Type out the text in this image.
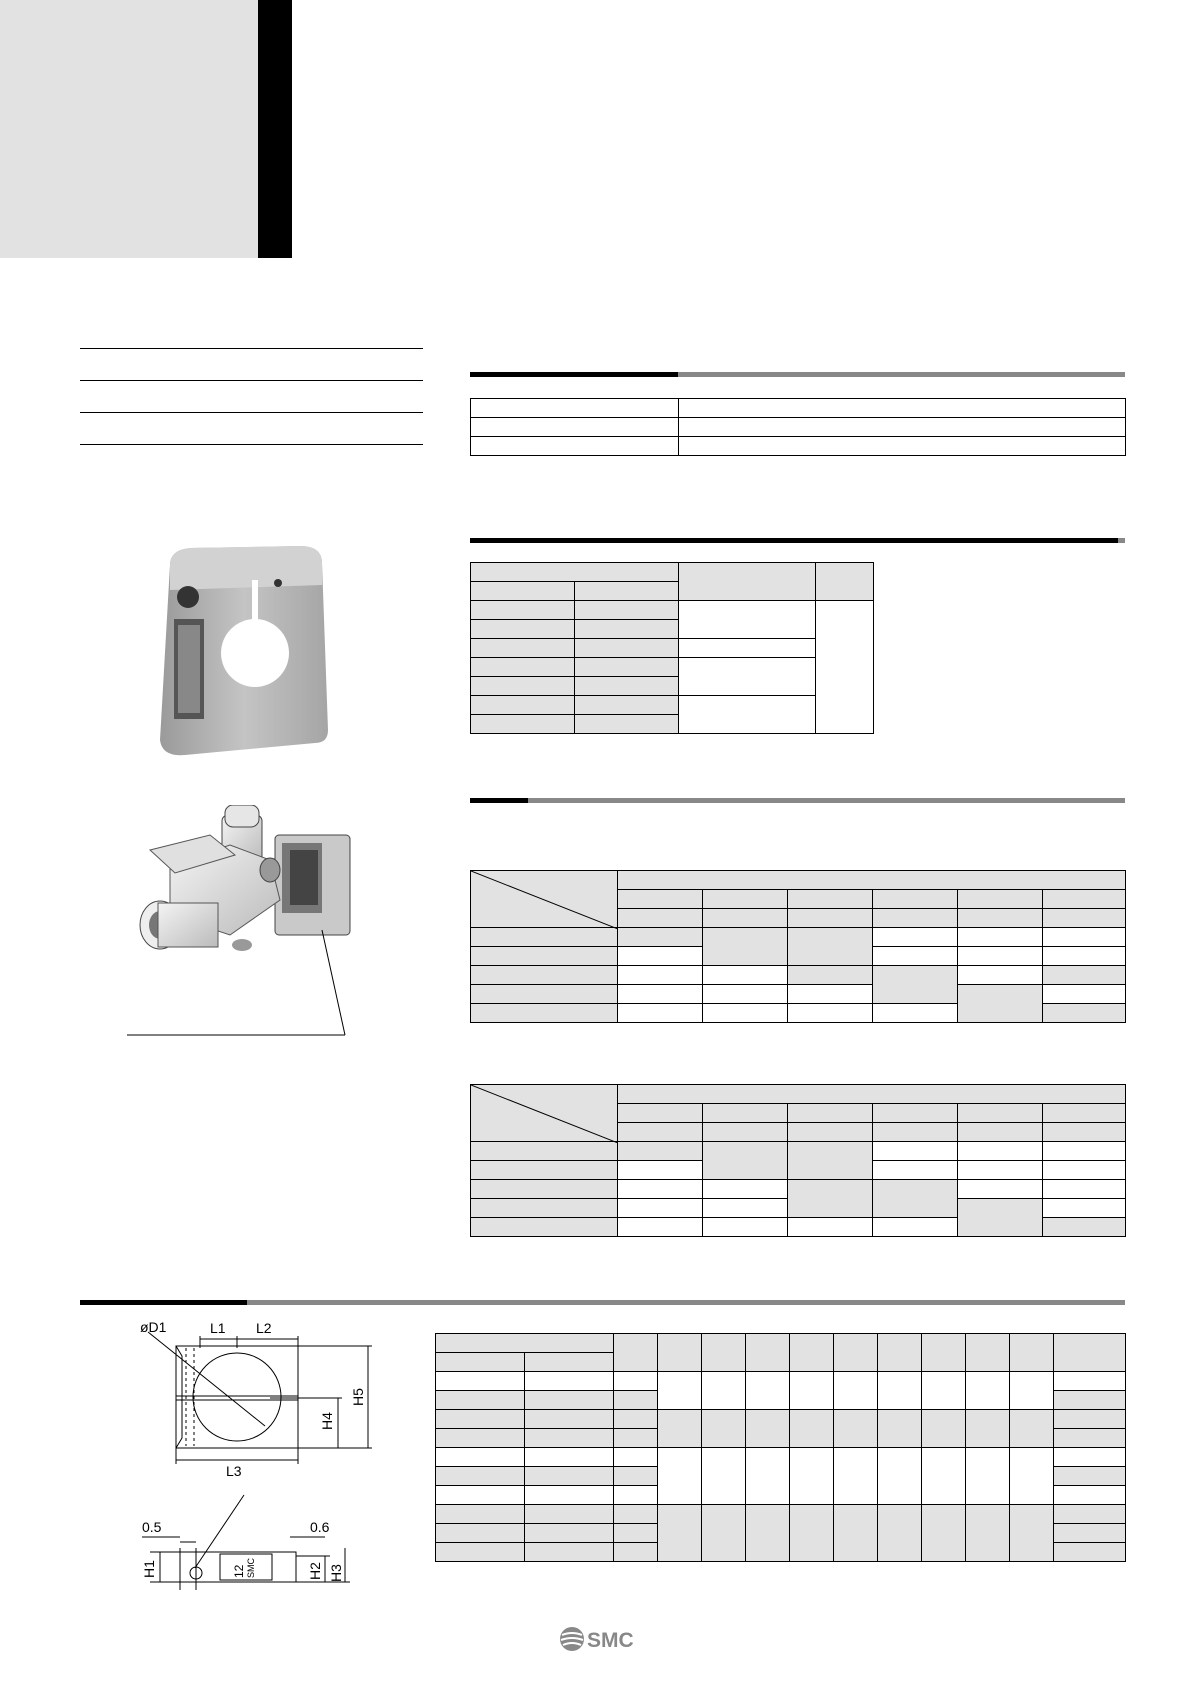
øD1	L1 L2
L3
H4
H5
0.5	0.6
H1	H2 H3
12 SMC
SMC
